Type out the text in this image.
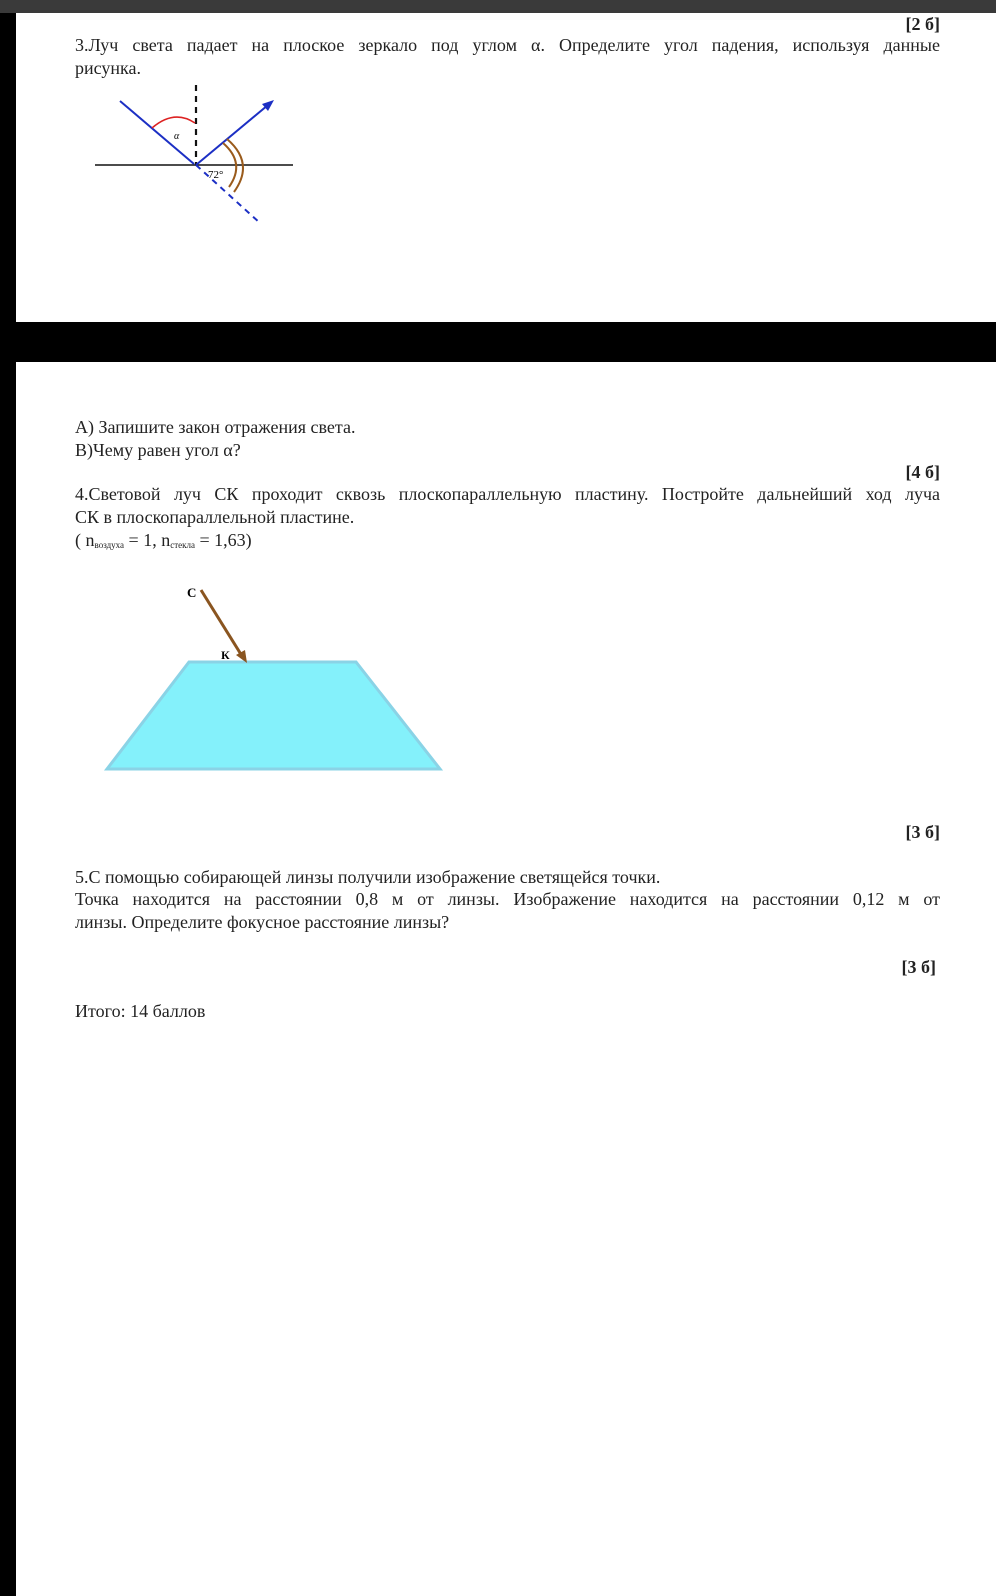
[2 б]
3.Луч света падает на плоское зеркало под углом α. Определите угол падения, используя данные
рисунка.
α
72°
А) Запишите закон отражения света.
В)Чему равен угол α?
[4 б]
4.Световой луч СК проходит сквозь плоскопараллельную пластину. Постройте дальнейший ход луча
СК в плоскопараллельной пластине.
( $n_{воздуха} = 1$, $n_{стекла} = 1,63$)
С
К
[3 б]
5.С помощью собирающей линзы получили изображение светящейся точки.
Точка находится на расстоянии 0,8 м от линзы. Изображение находится на расстоянии 0,12 м от
линзы. Определите фокусное расстояние линзы?
[3 б]
Итого: 14 баллов
